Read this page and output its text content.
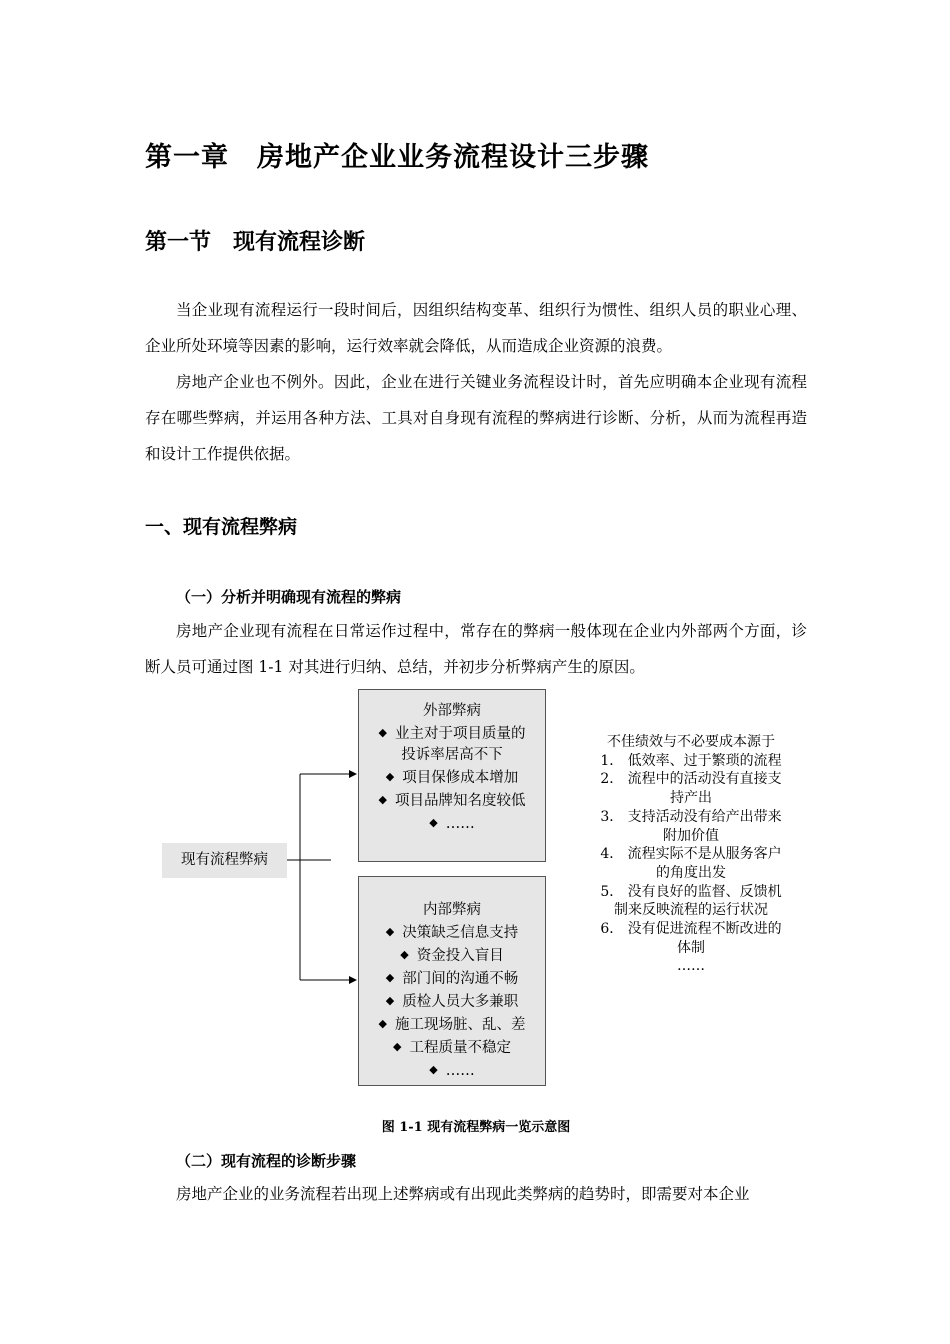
第一章　房地产企业业务流程设计三步骤
第一节　现有流程诊断

当企业现有流程运行一段时间后，因组织结构变革、组织行为惯性、组织人员的职业心理、企业所处环境等因素的影响，运行效率就会降低，从而造成企业资源的浪费。

房地产企业也不例外。因此，企业在进行关键业务流程设计时，首先应明确本企业现有流程存在哪些弊病，并运用各种方法、工具对自身现有流程的弊病进行诊断、分析，从而为流程再造和设计工作提供依据。

一、现有流程弊病
（一）分析并明确现有流程的弊病

房地产企业现有流程在日常运作过程中，常存在的弊病一般体现在企业内外部两个方面，诊断人员可通过图 1-1 对其进行归纳、总结，并初步分析弊病产生的原因。

现有流程弊病
外部弊病
◆ 业主对于项目质量的
投诉率居高不下
◆ 项目保修成本增加
◆ 项目品牌知名度较低
◆ ……
内部弊病
◆ 决策缺乏信息支持
◆ 资金投入盲目
◆ 部门间的沟通不畅
◆ 质检人员大多兼职
◆ 施工现场脏、乱、差
◆ 工程质量不稳定
◆ ……
不佳绩效与不必要成本源于
1． 低效率、过于繁琐的流程
2． 流程中的活动没有直接支
持产出
3． 支持活动没有给产出带来
附加价值
4． 流程实际不是从服务客户
的角度出发
5． 没有良好的监督、反馈机
制来反映流程的运行状况
6． 没有促进流程不断改进的
体制
……
图 1-1 现有流程弊病一览示意图
（二）现有流程的诊断步骤

房地产企业的业务流程若出现上述弊病或有出现此类弊病的趋势时，即需要对本企业
